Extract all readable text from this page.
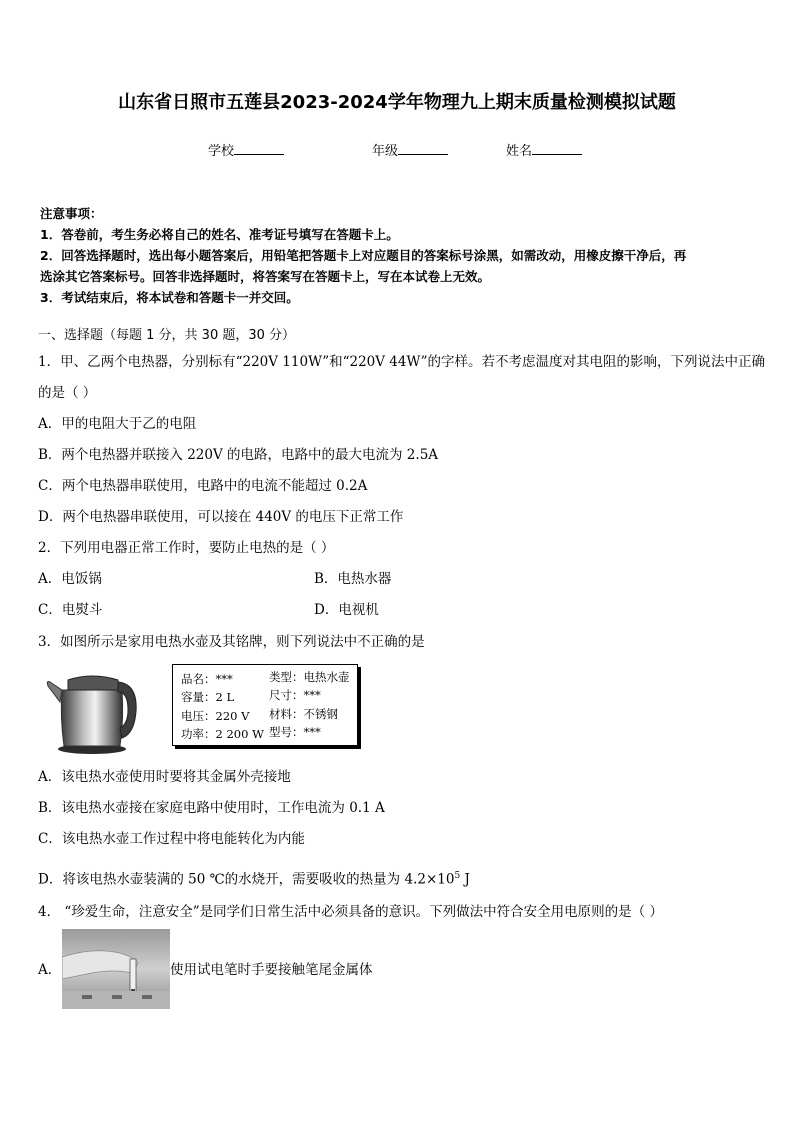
山东省日照市五莲县2023-2024学年物理九上期末质量检测模拟试题
学校	年级	姓名
注意事项：
1．答卷前，考生务必将自己的姓名、准考证号填写在答题卡上。
2．回答选择题时，选出每小题答案后，用铅笔把答题卡上对应题目的答案标号涂黑，如需改动，用橡皮擦干净后，再
选涂其它答案标号。回答非选择题时，将答案写在答题卡上，写在本试卷上无效。
3．考试结束后，将本试卷和答题卡一并交回。
一、选择题（每题 1 分，共 30 题，30 分）
1．甲、乙两个电热器，分别标有“220V 110W”和“220V 44W”的字样。若不考虑温度对其电阻的影响，下列说法中正确
的是（ ）
A．甲的电阻大于乙的电阻
B．两个电热器并联接入 220V 的电路，电路中的最大电流为 2.5A
C．两个电热器串联使用，电路中的电流不能超过 0.2A
D．两个电热器串联使用，可以接在 440V 的电压下正常工作
2．下列用电器正常工作时，要防止电热的是（ ）
A．电饭锅	B．电热水器
C．电熨斗	D．电视机
3．如图所示是家用电热水壶及其铭牌，则下列说法中不正确的是
品名：***	类型：电热水壶
容量：2 L	尺寸：***
电压：220 V 材料：不锈钢
功率：2 200 W 型号：***
A．该电热水壶使用时要将其金属外壳接地
B．该电热水壶接在家庭电路中使用时，工作电流为 0.1 A
C．该电热水壶工作过程中将电能转化为内能
D．将该电热水壶装满的 50 ℃的水烧开，需要吸收的热量为 $4.2\times 10^5$ J
4． “珍爱生命，注意安全”是同学们日常生活中必须具备的意识。下列做法中符合安全用电原则的是（ ）
A．	使用试电笔时手要接触笔尾金属体
